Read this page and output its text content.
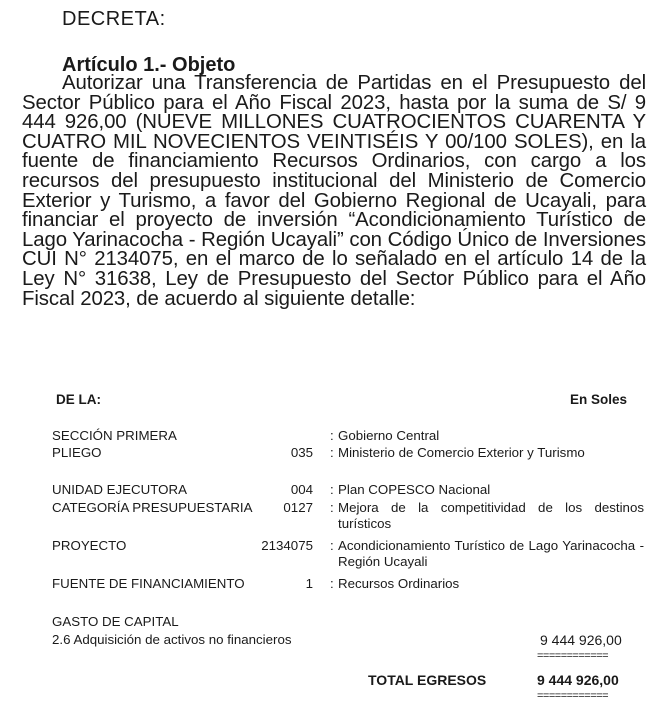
DECRETA:
Artículo 1.- Objeto
Autorizar una Transferencia de Partidas en el Presupuesto del Sector Público para el Año Fiscal 2023, hasta por la suma de S/ 9 444 926,00 (NUEVE MILLONES CUATROCIENTOS CUARENTA Y CUATRO MIL NOVECIENTOS VEINTISÉIS Y 00/100 SOLES), en la fuente de financiamiento Recursos Ordinarios, con cargo a los recursos del presupuesto institucional del Ministerio de Comercio Exterior y Turismo, a favor del Gobierno Regional de Ucayali, para financiar el proyecto de inversión “Acondicionamiento Turístico de Lago Yarinacocha - Región Ucayali” con Código Único de Inversiones CUI N° 2134075, en el marco de lo señalado en el artículo 14 de la Ley N° 31638, Ley de Presupuesto del Sector Público para el Año Fiscal 2023, de acuerdo al siguiente detalle:
DE LA:	En Soles
SECCIÓN PRIMERA	: Gobierno Central
PLIEGO	035 : Ministerio de Comercio Exterior y Turismo
UNIDAD EJECUTORA	004 : Plan COPESCO Nacional
CATEGORÍA PRESUPUESTARIA 0127 : Mejora de la competitividad de los destinos turísticos
PROYECTO	2134075 : Acondicionamiento Turístico de Lago Yarinacocha - Región Ucayali
FUENTE DE FINANCIAMIENTO	1 : Recursos Ordinarios
GASTO DE CAPITAL
2.6 Adquisición de activos no financieros	9 444 926,00
============
TOTAL EGRESOS	9 444 926,00
============
